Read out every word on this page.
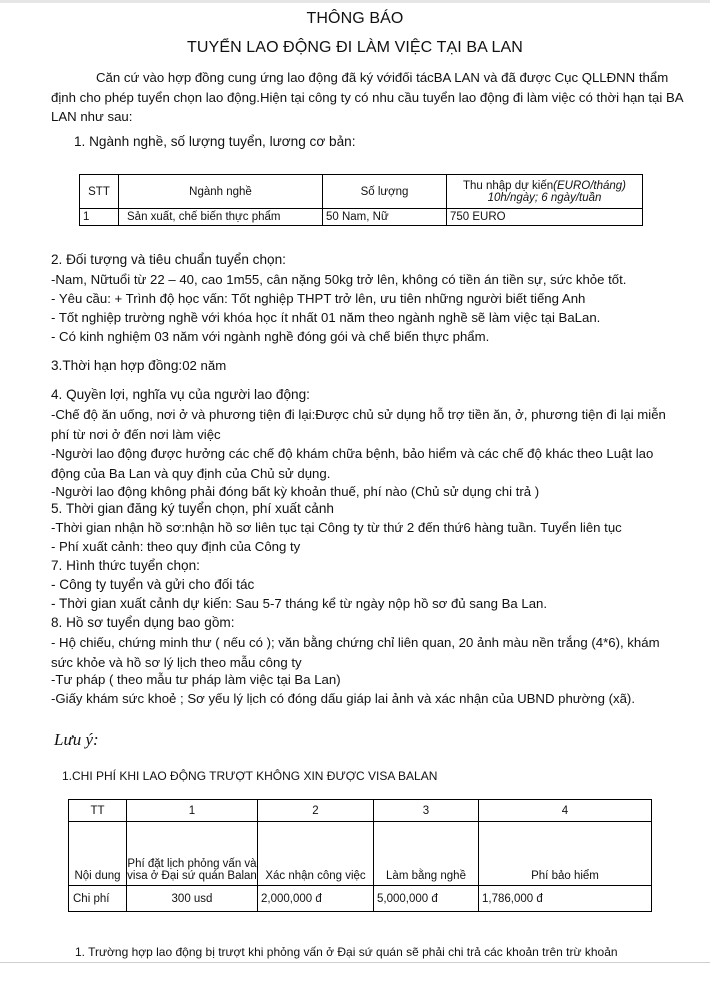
THÔNG BÁO
TUYỂN LAO ĐỘNG ĐI LÀM VIỆC TẠI BA LAN
Căn cứ vào hợp đồng cung ứng lao động đã ký vớiđối tácBA LAN và đã được Cục QLLĐNN thẩm định cho phép tuyển chọn lao động.Hiện tại công ty có nhu cầu tuyển lao động đi làm việc có thời hạn tại BA LAN như sau:
1. Ngành nghề, số lượng tuyển, lương cơ bản:
STT	Ngành nghề	Số lượng	Thu nhập dự kiến(EURO/tháng)
10h/ngày; 6 ngày/tuần
1	Sản xuất, chế biến thực phẩm	50 Nam, Nữ	750 EURO
2. Đối tượng và tiêu chuẩn tuyển chọn:
-Nam, Nữtuổi từ 22 – 40, cao 1m55, cân nặng 50kg trở lên, không có tiền án tiền sự, sức khỏe tốt.
- Yêu cầu: + Trình độ học vấn: Tốt nghiệp THPT trở lên, ưu tiên những người biết tiếng Anh
- Tốt nghiệp trường nghề với khóa học ít nhất 01 năm theo ngành nghề sẽ làm việc tại BaLan.
- Có kinh nghiệm 03 năm với ngành nghề đóng gói và chế biến thực phẩm.
3.Thời hạn hợp đồng:02 năm
4. Quyền lợi, nghĩa vụ của người lao động:
-Chế độ ăn uống, nơi ở và phương tiện đi lại:Được chủ sử dụng hỗ trợ tiền ăn, ở, phương tiện đi lại miễn phí từ nơi ở đến nơi làm việc
-Người lao động được hưởng các chế độ khám chữa bệnh, bảo hiểm và các chế độ khác theo Luật lao động của Ba Lan và quy định của Chủ sử dụng.
-Người lao động không phải đóng bất kỳ khoản thuế, phí nào (Chủ sử dụng chi trả )
5. Thời gian đăng ký tuyển chọn, phí xuất cảnh
-Thời gian nhận hồ sơ:nhận hồ sơ liên tục tại Công ty từ thứ 2 đến thứ6 hàng tuần. Tuyển liên tục
- Phí xuất cảnh: theo quy định của Công ty
7. Hình thức tuyển chọn:
- Công ty tuyển và gửi cho đối tác
- Thời gian xuất cảnh dự kiến: Sau 5-7 tháng kể từ ngày nộp hồ sơ đủ sang Ba Lan.
8. Hồ sơ tuyển dụng bao gồm:
- Hộ chiếu, chứng minh thư ( nếu có ); văn bằng chứng chỉ liên quan, 20 ảnh màu nền trắng (4*6), khám sức khỏe và hồ sơ lý lịch theo mẫu công ty
-Tư pháp ( theo mẫu tư pháp làm việc tại Ba Lan)
-Giấy khám sức khoẻ ; Sơ yếu lý lịch có đóng dấu giáp lai ảnh và xác nhận của UBND phường (xã).
Lưu ý:
1.CHI PHÍ KHI LAO ĐỘNG TRƯỢT KHÔNG XIN ĐƯỢC VISA BALAN
TT	1	2	3	4
Nội dung	Phí đặt lịch phỏng vấn và visa ở Đại sứ quán Balan	Xác nhận công việc	Làm bằng nghề	Phí bảo hiểm
Chi phí	300 usd	2,000,000 đ	5,000,000 đ	1,786,000 đ
1. Trường hợp lao động bị trượt khi phỏng vấn ở Đại sứ quán sẽ phải chi trả các khoản trên trừ khoản
